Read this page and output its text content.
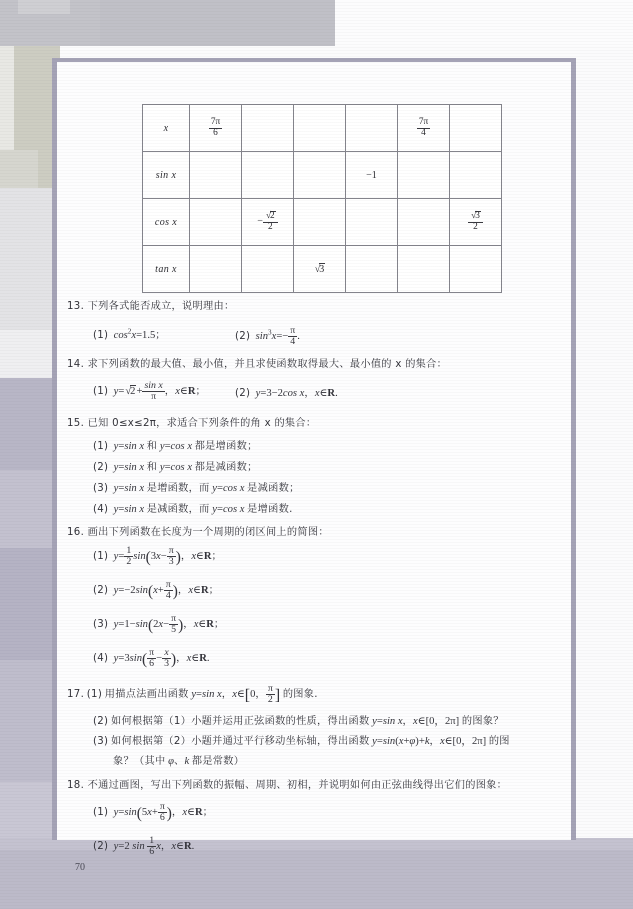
x	$\frac{7\pi}{6}$				$\frac{7\pi}{4}$

sin x				−1		
cos x		− √ $\frac{2}{2}$				√ $\frac{3}{2}$

tan x			√ 3			
13. 下列各式能否成立，说明理由：
(1) $\cos^2x=1.5$；	(2) $\sin^3x=- \frac{\pi}{4}$ .
14. 求下列函数的最大值、最小值，并且求使函数取得最大、最小值的 x 的集合：
(1) y= √ $2+ \frac{\text{sin x}}{\pi}$ ，x∈R；	(2) y=3−2cos x，x∈R.
15. 已知 0≤x≤2π，求适合下列条件的角 x 的集合：
(1) y=sin x 和 y=cos x 都是增函数；
(2) y=sin x 和 y=cos x 都是减函数；
(3) y=sin x 是增函数，而 y=cos x 是减函数；
(4) y=sin x 是减函数，而 y=cos x 是增函数.
16. 画出下列函数在长度为一个周期的闭区间上的简图：
(1) $y= \frac{1}{2} \sin(3x- \frac{\pi}{3}$ )，x∈R；
(2) $y=-2\sin(x+ \frac{\pi}{4}$ )，x∈R；
(3) $y=1-\sin(2x- \frac{\pi}{5}$ )，x∈R；
(4) $y=3\sin( \frac{\pi}{6} - \frac{x}{3}$ )，x∈R.
17. (1) 用描点法画出函数 y=sin x，x∈[0， $\frac{\pi}{2}$ ] 的图象.
(2) 如何根据第（1）小题并运用正弦函数的性质，得出函数 y=sin x，x∈[0，2π] 的图象？
(3) 如何根据第（2）小题并通过平行移动坐标轴，得出函数 y=sin(x+φ)+k，x∈[0，2π] 的图
象？（其中 φ、k 都是常数）
18. 不通过画图，写出下列函数的振幅、周期、初相，并说明如何由正弦曲线得出它们的图象：
(1) $y=\sin(5x+ \frac{\pi}{6}$ )，x∈R；
(2) y=2 $\sin \frac{1}{6}$ x，x∈R.
70
